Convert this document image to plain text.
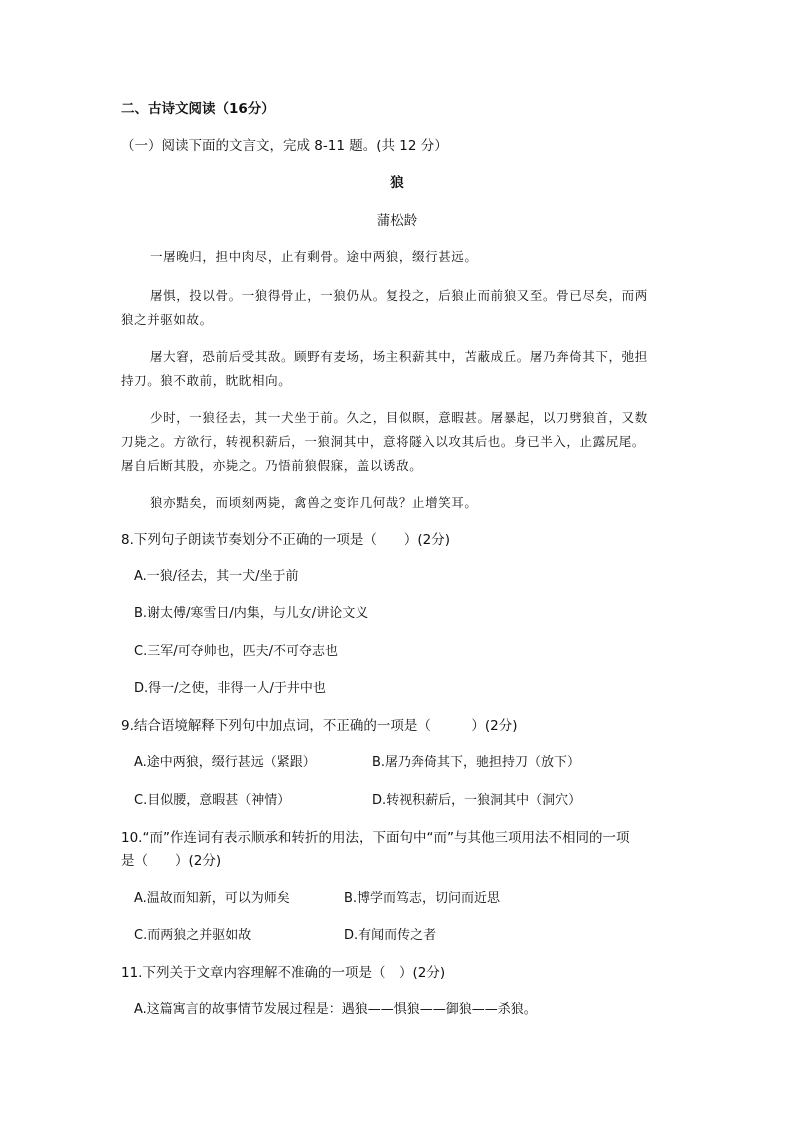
二、古诗文阅读（16分）
（一）阅读下面的文言文，完成 8-11 题。(共 12 分）
狼
蒲松龄
一屠晚归，担中肉尽，止有剩骨。途中两狼，缀行甚远。
屠惧，投以骨。一狼得骨止，一狼仍从。复投之，后狼止而前狼又至。骨已尽矣，而两
狼之并驱如故。
屠大窘，恐前后受其敌。顾野有麦场，场主积薪其中，苫蔽成丘。屠乃奔倚其下，弛担
持刀。狼不敢前，眈眈相向。
少时，一狼径去，其一犬坐于前。久之，目似瞑，意暇甚。屠暴起，以刀劈狼首，又数
刀毙之。方欲行，转视积薪后，一狼洞其中，意将隧入以攻其后也。身已半入，止露尻尾。
屠自后断其股，亦毙之。乃悟前狼假寐，盖以诱敌。
狼亦黠矣，而顷刻两毙，禽兽之变诈几何哉？止增笑耳。
8.下列句子朗读节奏划分不正确的一项是（　　）(2分)
A.一狼/径去，其一犬/坐于前
B.谢太傅/寒雪日/内集，与儿女/讲论文义
C.三军/可夺帅也，匹夫/不可夺志也
D.得一/之使，非得一人/于井中也
9.结合语境解释下列句中加点词，不正确的一项是（　　　）(2分)
A.途中两狼，缀行甚远（紧跟）	B.屠乃奔倚其下，驰担持刀（放下）
C.目似腰，意暇甚（神情）	D.转视积薪后，一狼洞其中（洞穴）
10.“而”作连词有表示顺承和转折的用法，下面句中“而”与其他三项用法不相同的一项
是（　　）(2分)
A.温故而知新，可以为师矣	B.博学而笃志，切问而近思
C.而两狼之并驱如故	D.有闻而传之者
11.下列关于文章内容理解不准确的一项是（　）(2分)
A.这篇寓言的故事情节发展过程是：遇狼——惧狼——御狼——杀狼。
